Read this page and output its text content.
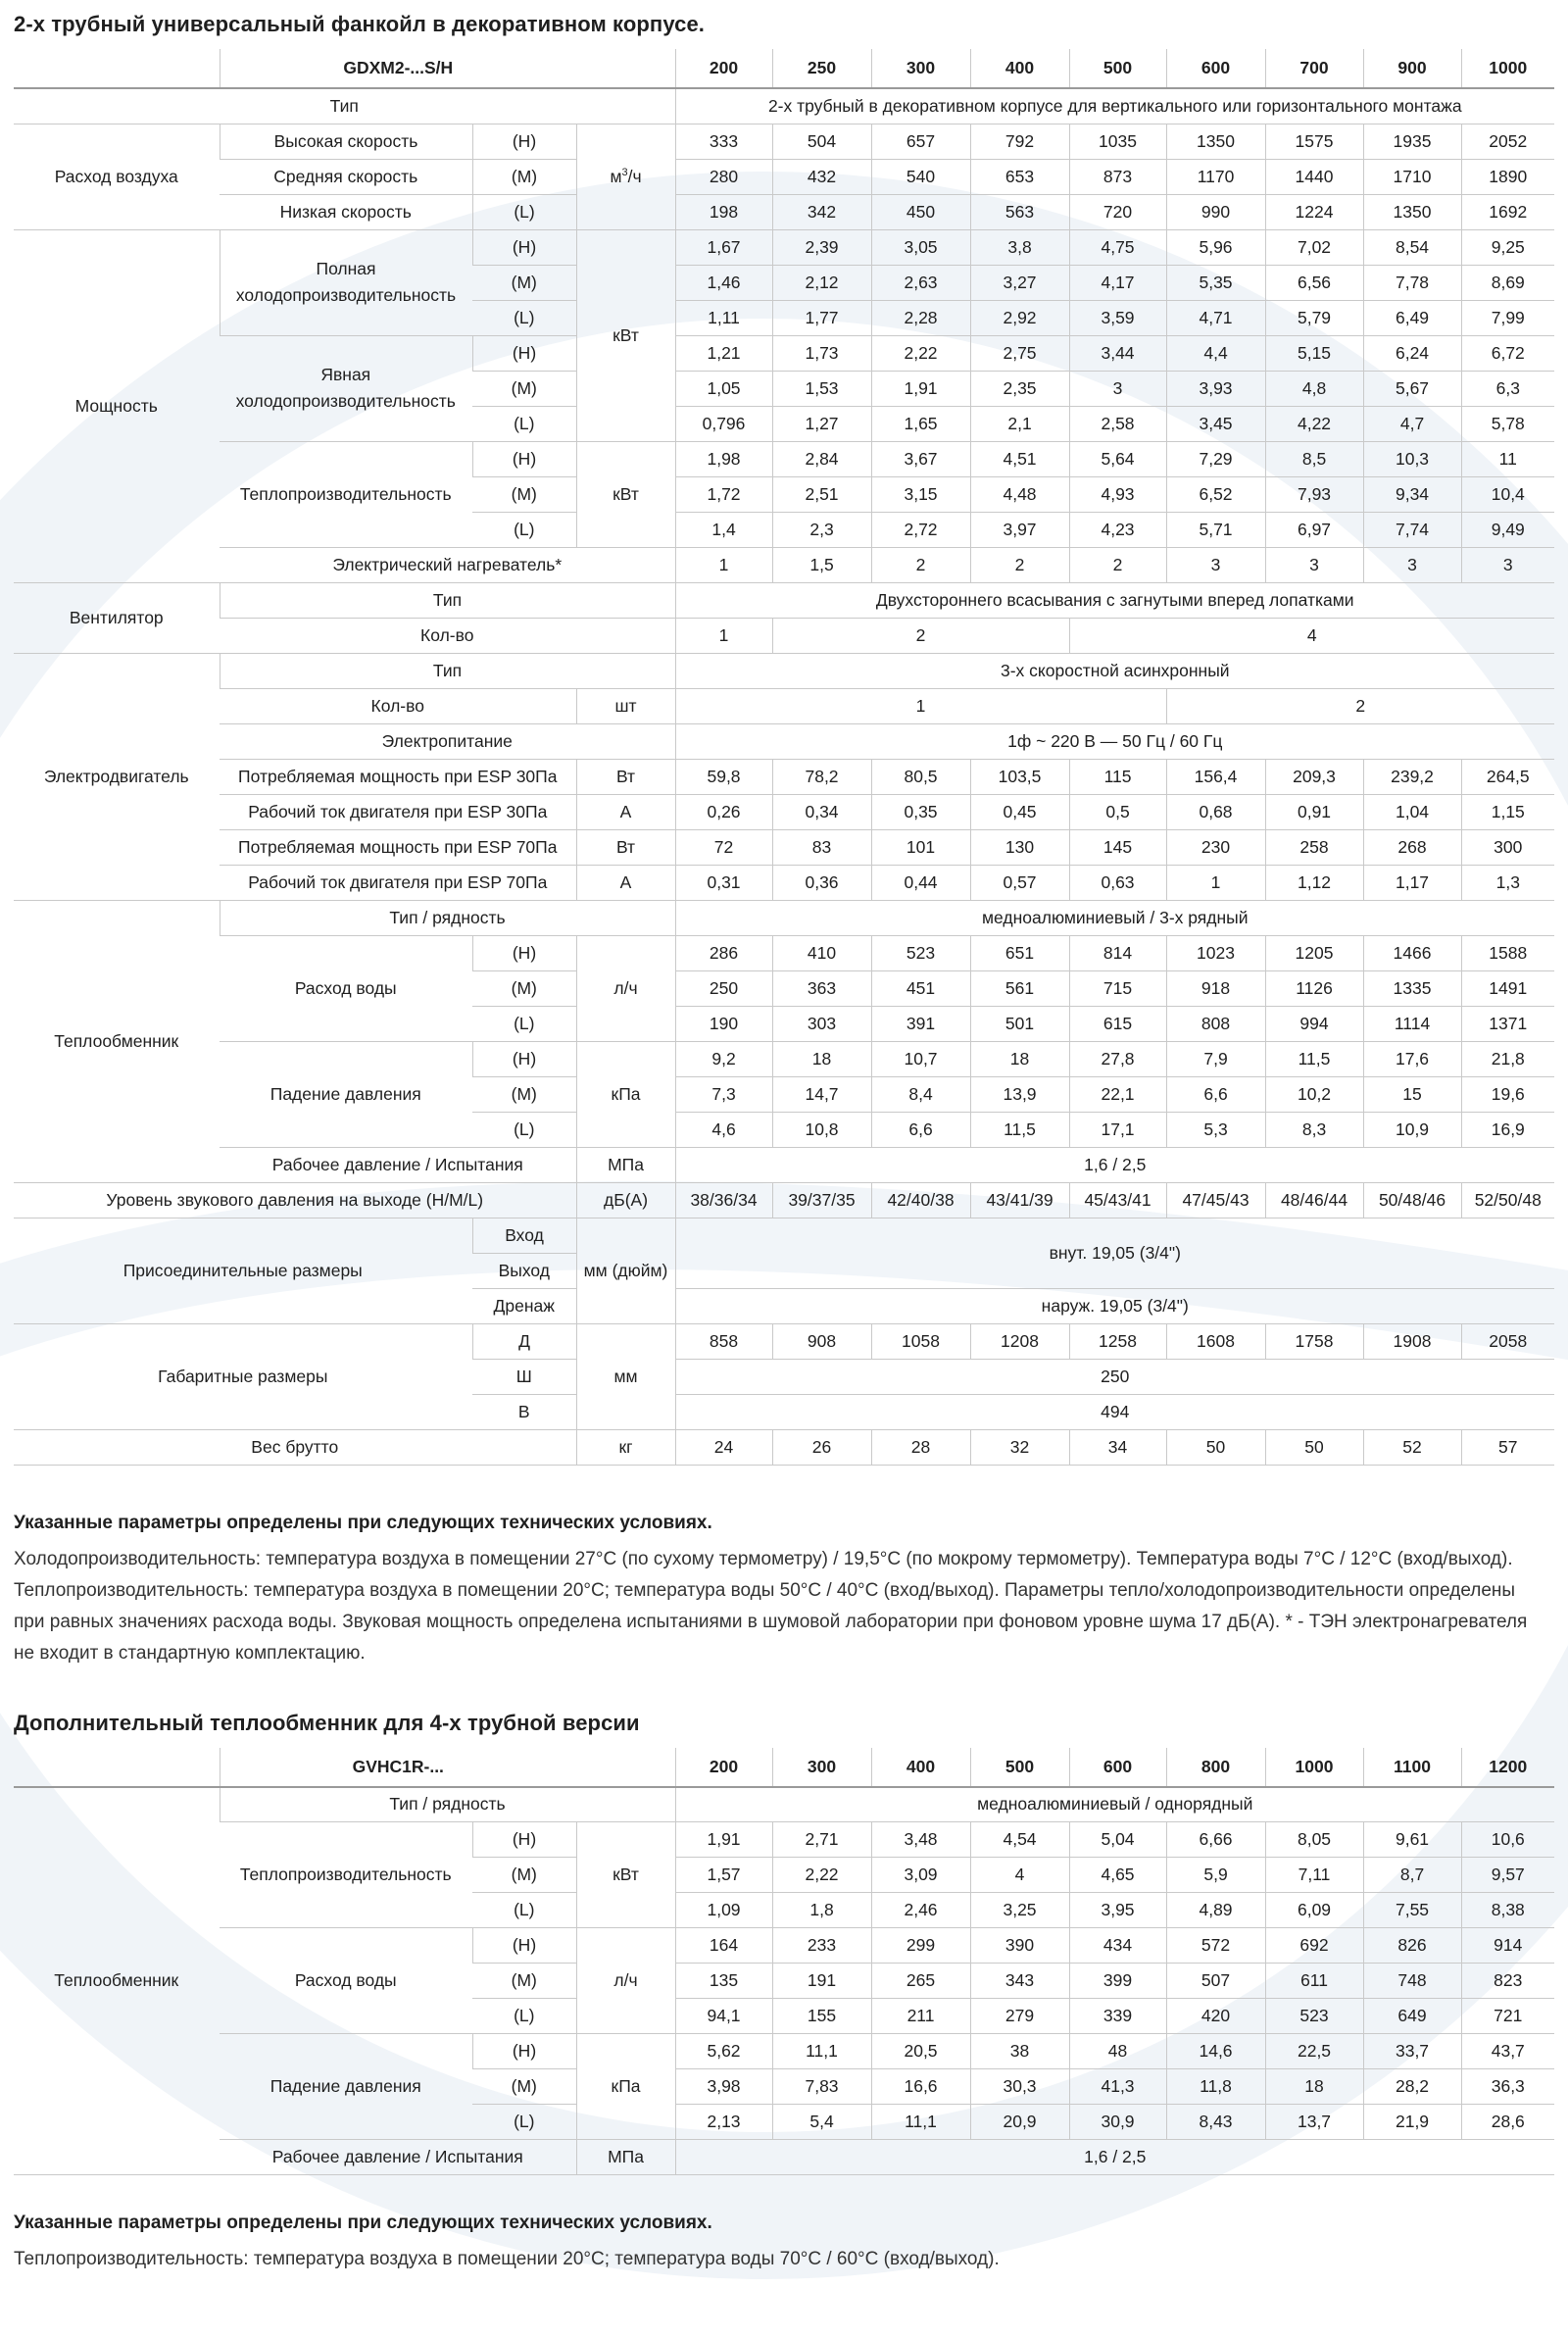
2-х трубный универсальный фанкойл в декоративном корпусе.
	GDXM2-...S/H			200	250	300	400	500	600	700	900	1000
Тип				2-х трубный в декоративном корпусе для вертикального или горизонтального монтажа								
Расход воздуха	Высокая скорость	(H)	$м^3/ч$	333	504	657	792	1035	1350	1575	1935	2052
	Средняя скорость	(M)		280	432	540	653	873	1170	1440	1710	1890
	Низкая скорость	(L)		198	342	450	563	720	990	1224	1350	1692
Мощность	Полная холодопроизводительность	(H)	кВт	1,67	2,39	3,05	3,8	4,75	5,96	7,02	8,54	9,25
		(M)		1,46	2,12	2,63	3,27	4,17	5,35	6,56	7,78	8,69
		(L)		1,11	1,77	2,28	2,92	3,59	4,71	5,79	6,49	7,99
	Явная холодопроизводительность	(H)		1,21	1,73	2,22	2,75	3,44	4,4	5,15	6,24	6,72
		(M)		1,05	1,53	1,91	2,35	3	3,93	4,8	5,67	6,3
		(L)		0,796	1,27	1,65	2,1	2,58	3,45	4,22	4,7	5,78
	Теплопроизводительность	(H)	кВт	1,98	2,84	3,67	4,51	5,64	7,29	8,5	10,3	11
		(M)		1,72	2,51	3,15	4,48	4,93	6,52	7,93	9,34	10,4
		(L)		1,4	2,3	2,72	3,97	4,23	5,71	6,97	7,74	9,49
	Электрический нагреватель*			1	1,5	2	2	2	3	3	3	3
Вентилятор	Тип			Двухстороннего всасывания с загнутыми вперед лопатками								
	Кол-во			1	2			4				
Электродвигатель	Тип			3-х скоростной асинхронный								
	Кол-во		шт	1					2			
	Электропитание			1ф ~ 220 В — 50 Гц / 60 Гц								
	Потребляемая мощность при ESP 30Па		Вт	59,8	78,2	80,5	103,5	115	156,4	209,3	239,2	264,5
	Рабочий ток двигателя при ESP 30Па		А	0,26	0,34	0,35	0,45	0,5	0,68	0,91	1,04	1,15
	Потребляемая мощность при ESP 70Па		Вт	72	83	101	130	145	230	258	268	300
	Рабочий ток двигателя при ESP 70Па		А	0,31	0,36	0,44	0,57	0,63	1	1,12	1,17	1,3
Теплообменник	Тип / рядность			медноалюминиевый / 3-х рядный								
	Расход воды	(H)	л/ч	286	410	523	651	814	1023	1205	1466	1588
		(M)		250	363	451	561	715	918	1126	1335	1491
		(L)		190	303	391	501	615	808	994	1114	1371
	Падение давления	(H)	кПа	9,2	18	10,7	18	27,8	7,9	11,5	17,6	21,8
		(M)		7,3	14,7	8,4	13,9	22,1	6,6	10,2	15	19,6
		(L)		4,6	10,8	6,6	11,5	17,1	5,3	8,3	10,9	16,9
	Рабочее давление / Испытания		МПа	1,6 / 2,5								
Уровень звукового давления на выходе (H/M/L)			дБ(А)	38/36/34	39/37/35	42/40/38	43/41/39	45/43/41	47/45/43	48/46/44	50/48/46	52/50/48
Присоединительные размеры		Вход	мм (дюйм)	внут. 19,05 (3/4")								
		Выход										
		Дренаж		наруж. 19,05 (3/4")								
Габаритные размеры		Д	мм	858	908	1058	1208	1258	1608	1758	1908	2058
		Ш		250								
		В		494								
Вес брутто			кг	24	26	28	32	34	50	50	52	57
Указанные параметры определены при следующих технических условиях.
Холодопроизводительность: температура воздуха в помещении 27°С (по сухому термометру) / 19,5°С (по мокрому термометру). Температура воды 7°С / 12°С (вход/выход). Теплопроизводительность: температура воздуха в помещении 20°С; температура воды 50°С / 40°С (вход/выход). Параметры тепло/холодопроизводительности определены при равных значениях расхода воды. Звуковая мощность определена испытаниями в шумовой лаборатории при фоновом уровне шума 17 дБ(А). * - ТЭН электронагревателя не входит в стандартную комплектацию.
Дополнительный теплообменник для 4-х трубной версии
	GVHC1R-...			200	300	400	500	600	800	1000	1100	1200
Теплообменник	Тип / рядность			медноалюминиевый / однорядный								
	Теплопроизводительность	(H)	кВт	1,91	2,71	3,48	4,54	5,04	6,66	8,05	9,61	10,6
		(M)		1,57	2,22	3,09	4	4,65	5,9	7,11	8,7	9,57
		(L)		1,09	1,8	2,46	3,25	3,95	4,89	6,09	7,55	8,38
	Расход воды	(H)	л/ч	164	233	299	390	434	572	692	826	914
		(M)		135	191	265	343	399	507	611	748	823
		(L)		94,1	155	211	279	339	420	523	649	721
	Падение давления	(H)	кПа	5,62	11,1	20,5	38	48	14,6	22,5	33,7	43,7
		(M)		3,98	7,83	16,6	30,3	41,3	11,8	18	28,2	36,3
		(L)		2,13	5,4	11,1	20,9	30,9	8,43	13,7	21,9	28,6
	Рабочее давление / Испытания		МПа	1,6 / 2,5								
Указанные параметры определены при следующих технических условиях.
Теплопроизводительность: температура воздуха в помещении 20°С; температура воды 70°С / 60°С (вход/выход).
